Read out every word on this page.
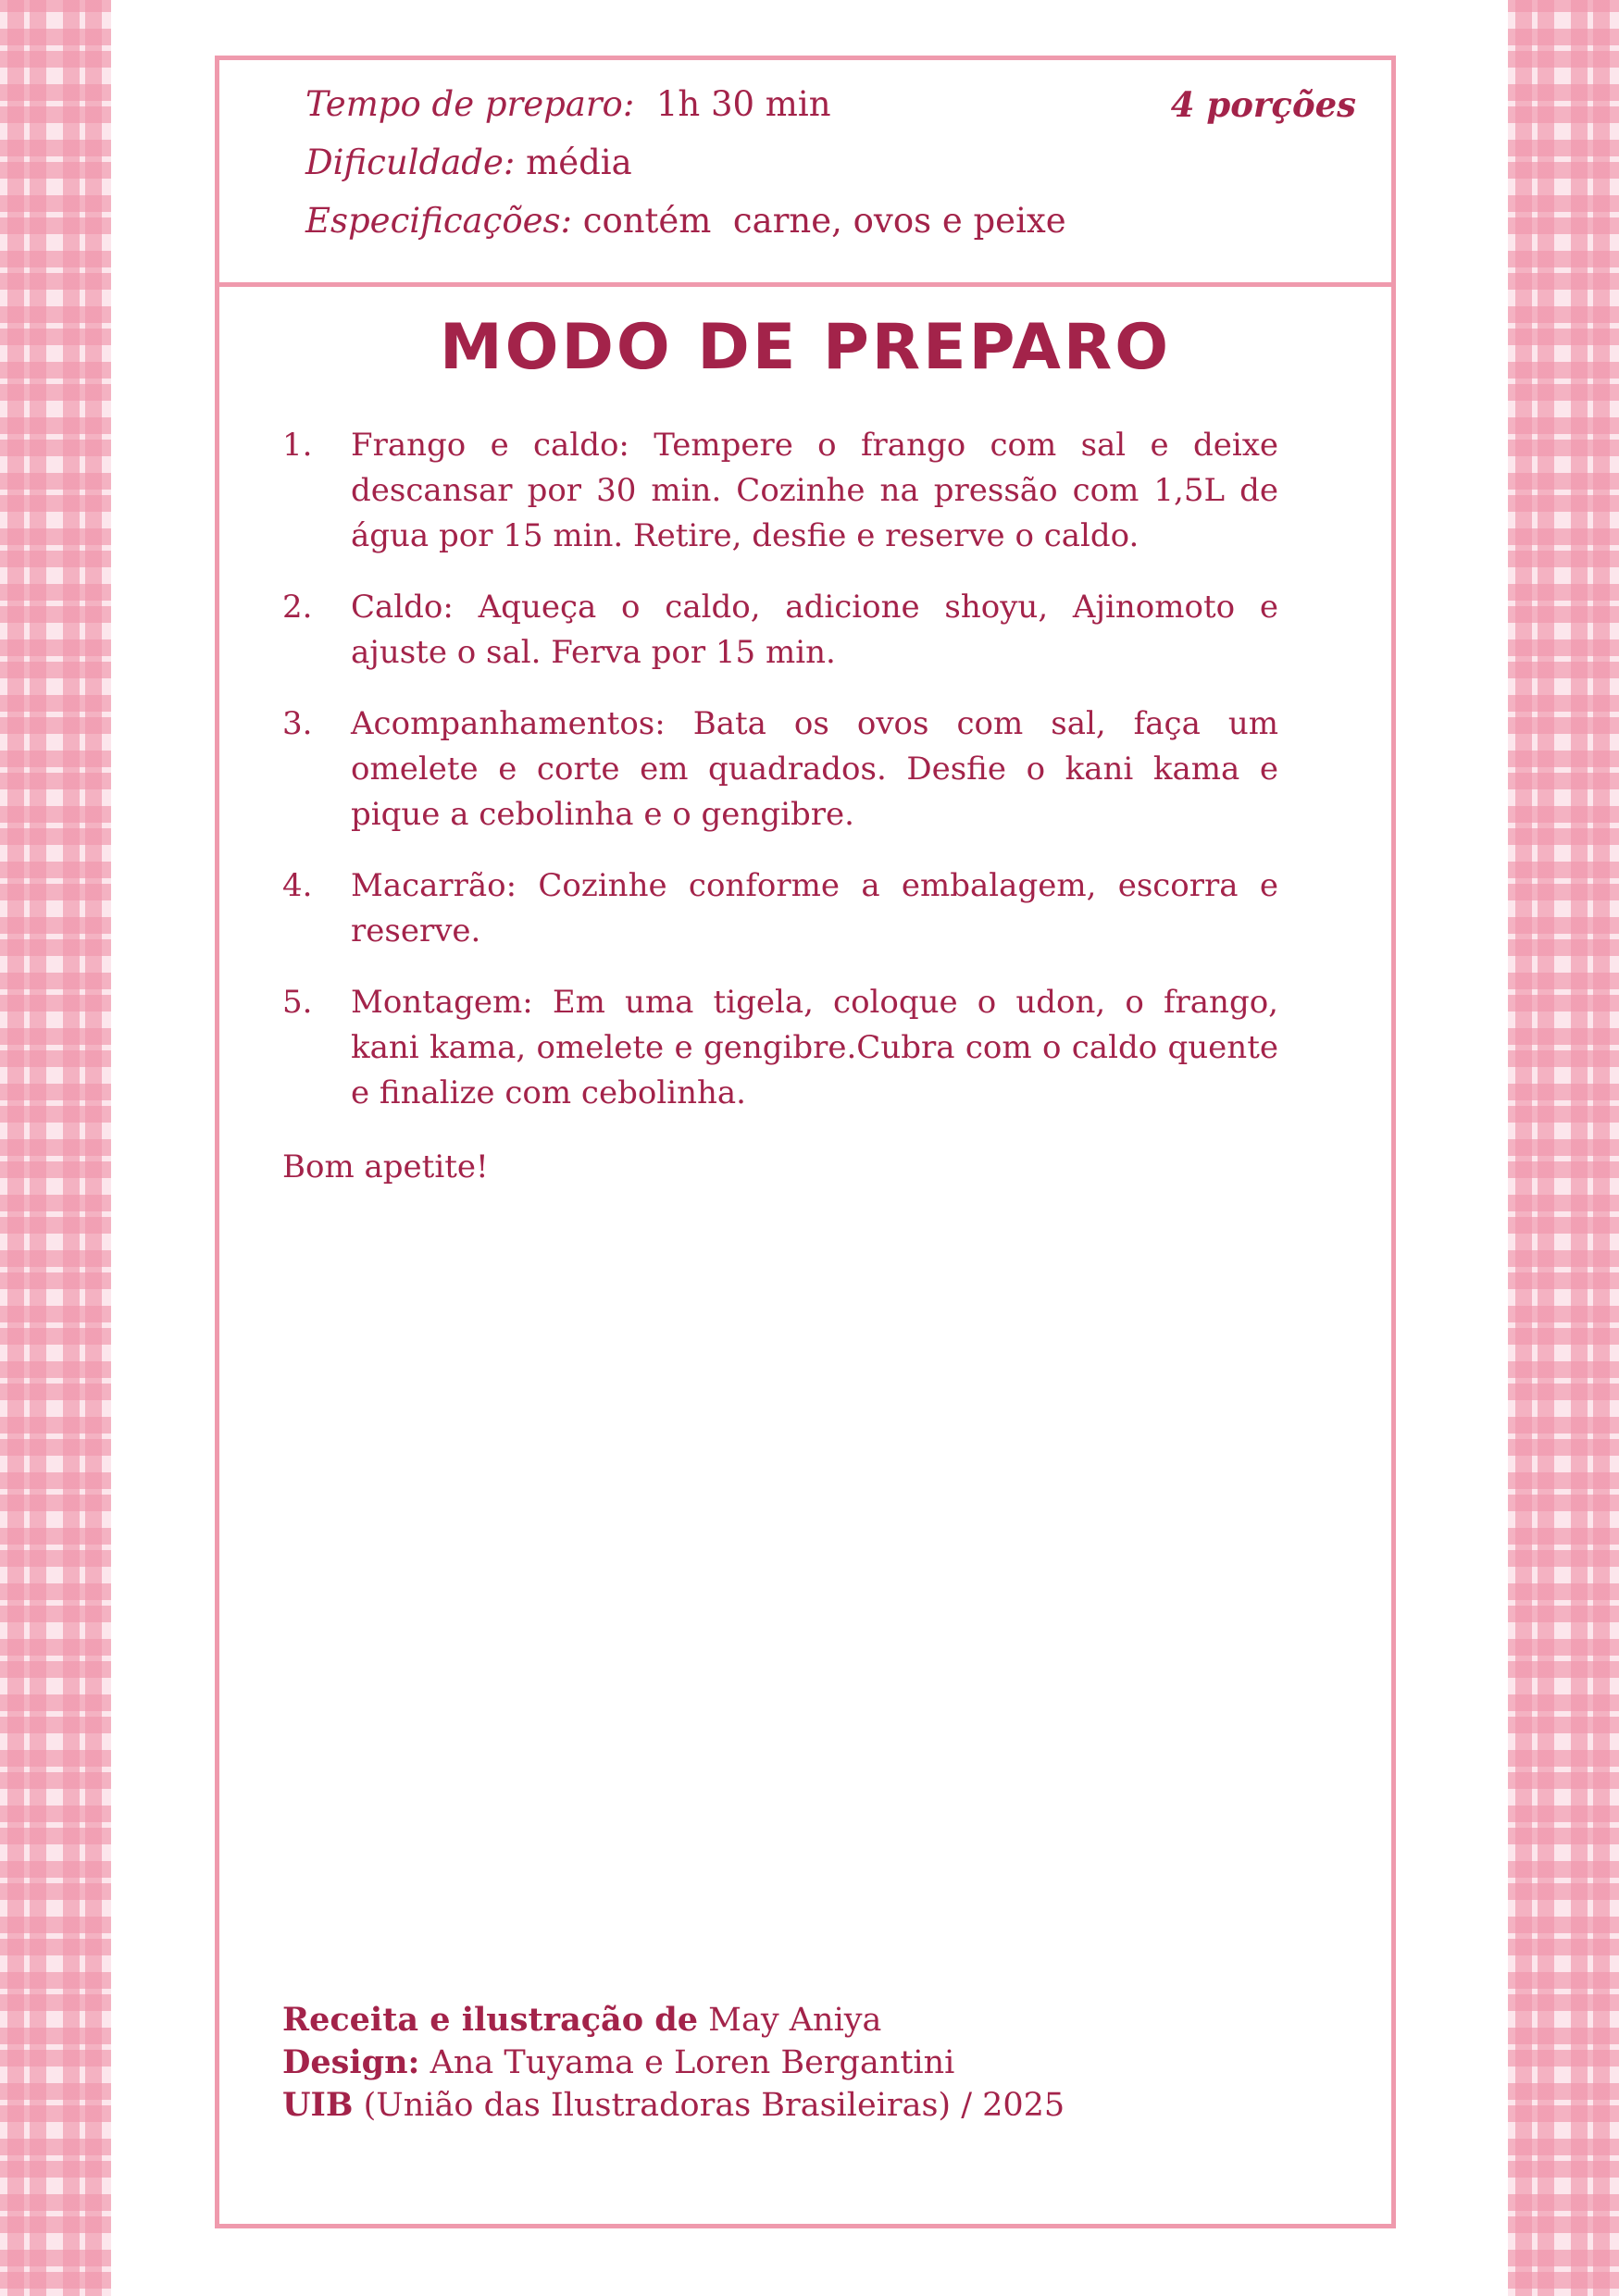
Tempo de preparo: 1h 30 min
Dificuldade: média
Especificações: contém  carne, ovos e peixe
4 porções
MODO DE PREPARO
1. Frango e caldo: Tempere o frango com sal e deixe descansar por 30 min. Cozinhe na pressão com 1,5L de água por 15 min. Retire, desfie e reserve o caldo.
2. Caldo: Aqueça o caldo, adicione shoyu, Ajinomoto e ajuste o sal. Ferva por 15 min.
3. Acompanhamentos: Bata os ovos com sal, faça um omelete e corte em quadrados. Desfie o kani kama e pique a cebolinha e o gengibre.
4. Macarrão: Cozinhe conforme a embalagem, escorra e reserve.
5. Montagem: Em uma tigela, coloque o udon, o frango, kani kama, omelete e gengibre.Cubra com o caldo quente e finalize com cebolinha.
Bom apetite!
Receita e ilustração de May Aniya
Design: Ana Tuyama e Loren Bergantini
UIB (União das Ilustradoras Brasileiras) / 2025
